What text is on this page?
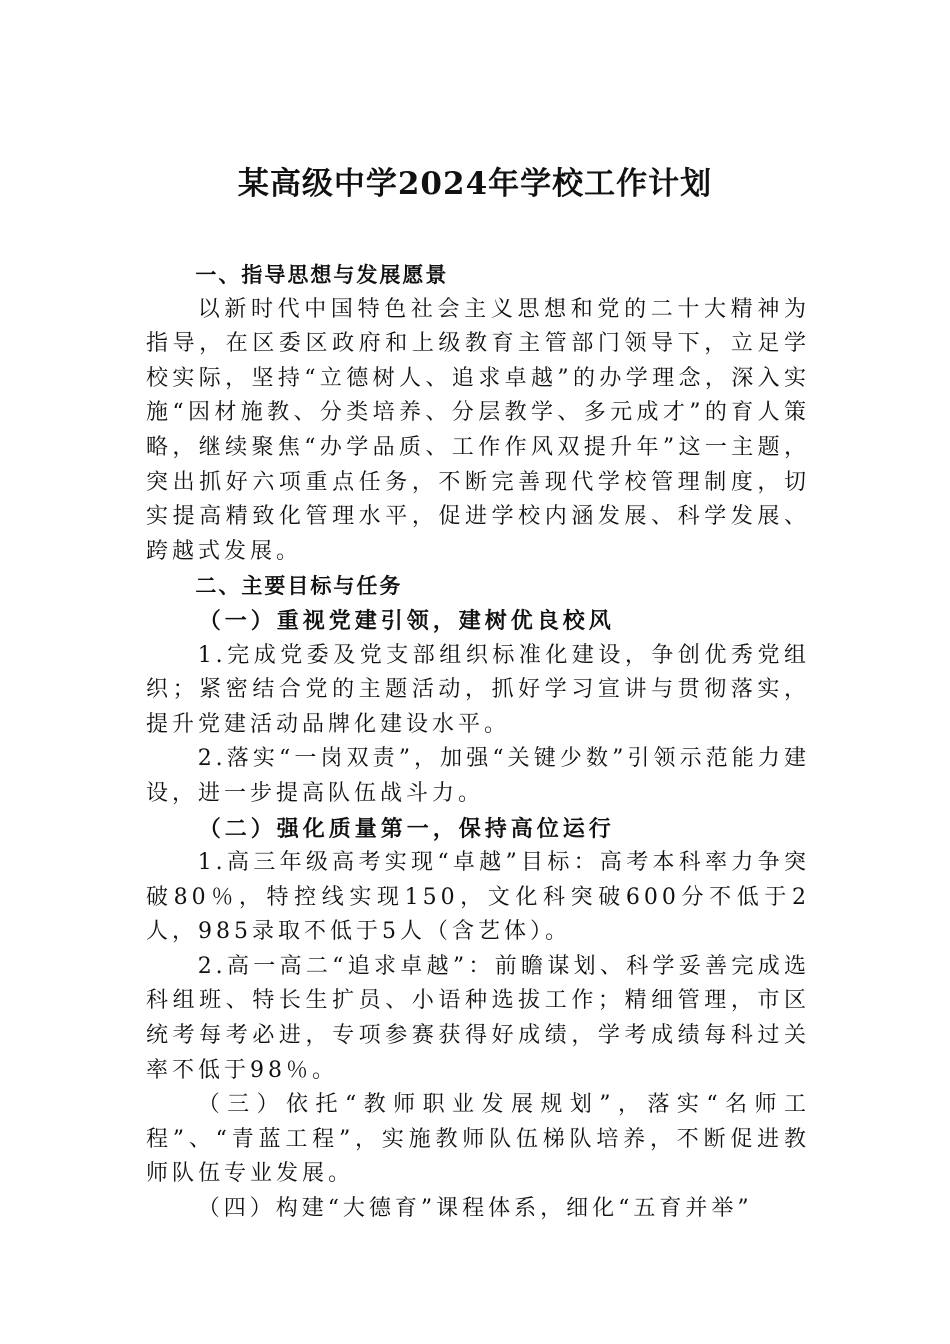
某高级中学2024年学校工作计划

一、指导思想与发展愿景

以新时代中国特色社会主义思想和党的二十大精神为指导，在区委区政府和上级教育主管部门领导下，立足学校实际，坚持“立德树人、追求卓越”的办学理念，深入实施“因材施教、分类培养、分层教学、多元成才”的育人策略，继续聚焦“办学品质、工作作风双提升年”这一主题，突出抓好六项重点任务，不断完善现代学校管理制度，切实提高精致化管理水平，促进学校内涵发展、科学发展、跨越式发展。

二、主要目标与任务

（一）重视党建引领，建树优良校风

1.完成党委及党支部组织标准化建设，争创优秀党组织；紧密结合党的主题活动，抓好学习宣讲与贯彻落实，提升党建活动品牌化建设水平。

2.落实“一岗双责”，加强“关键少数”引领示范能力建设，进一步提高队伍战斗力。

（二）强化质量第一，保持高位运行

1.高三年级高考实现“卓越”目标：高考本科率力争突破80％，特控线实现150，文化科突破600分不低于2人，985录取不低于5人（含艺体）。

2.高一高二“追求卓越”：前瞻谋划、科学妥善完成选科组班、特长生扩员、小语种选拔工作；精细管理，市区统考每考必进，专项参赛获得好成绩，学考成绩每科过关率不低于98％。

（三）依托“教师职业发展规划”，落实“名师工程”、“青蓝工程”，实施教师队伍梯队培养，不断促进教师队伍专业发展。

（四）构建“大德育”课程体系，细化“五育并举”
